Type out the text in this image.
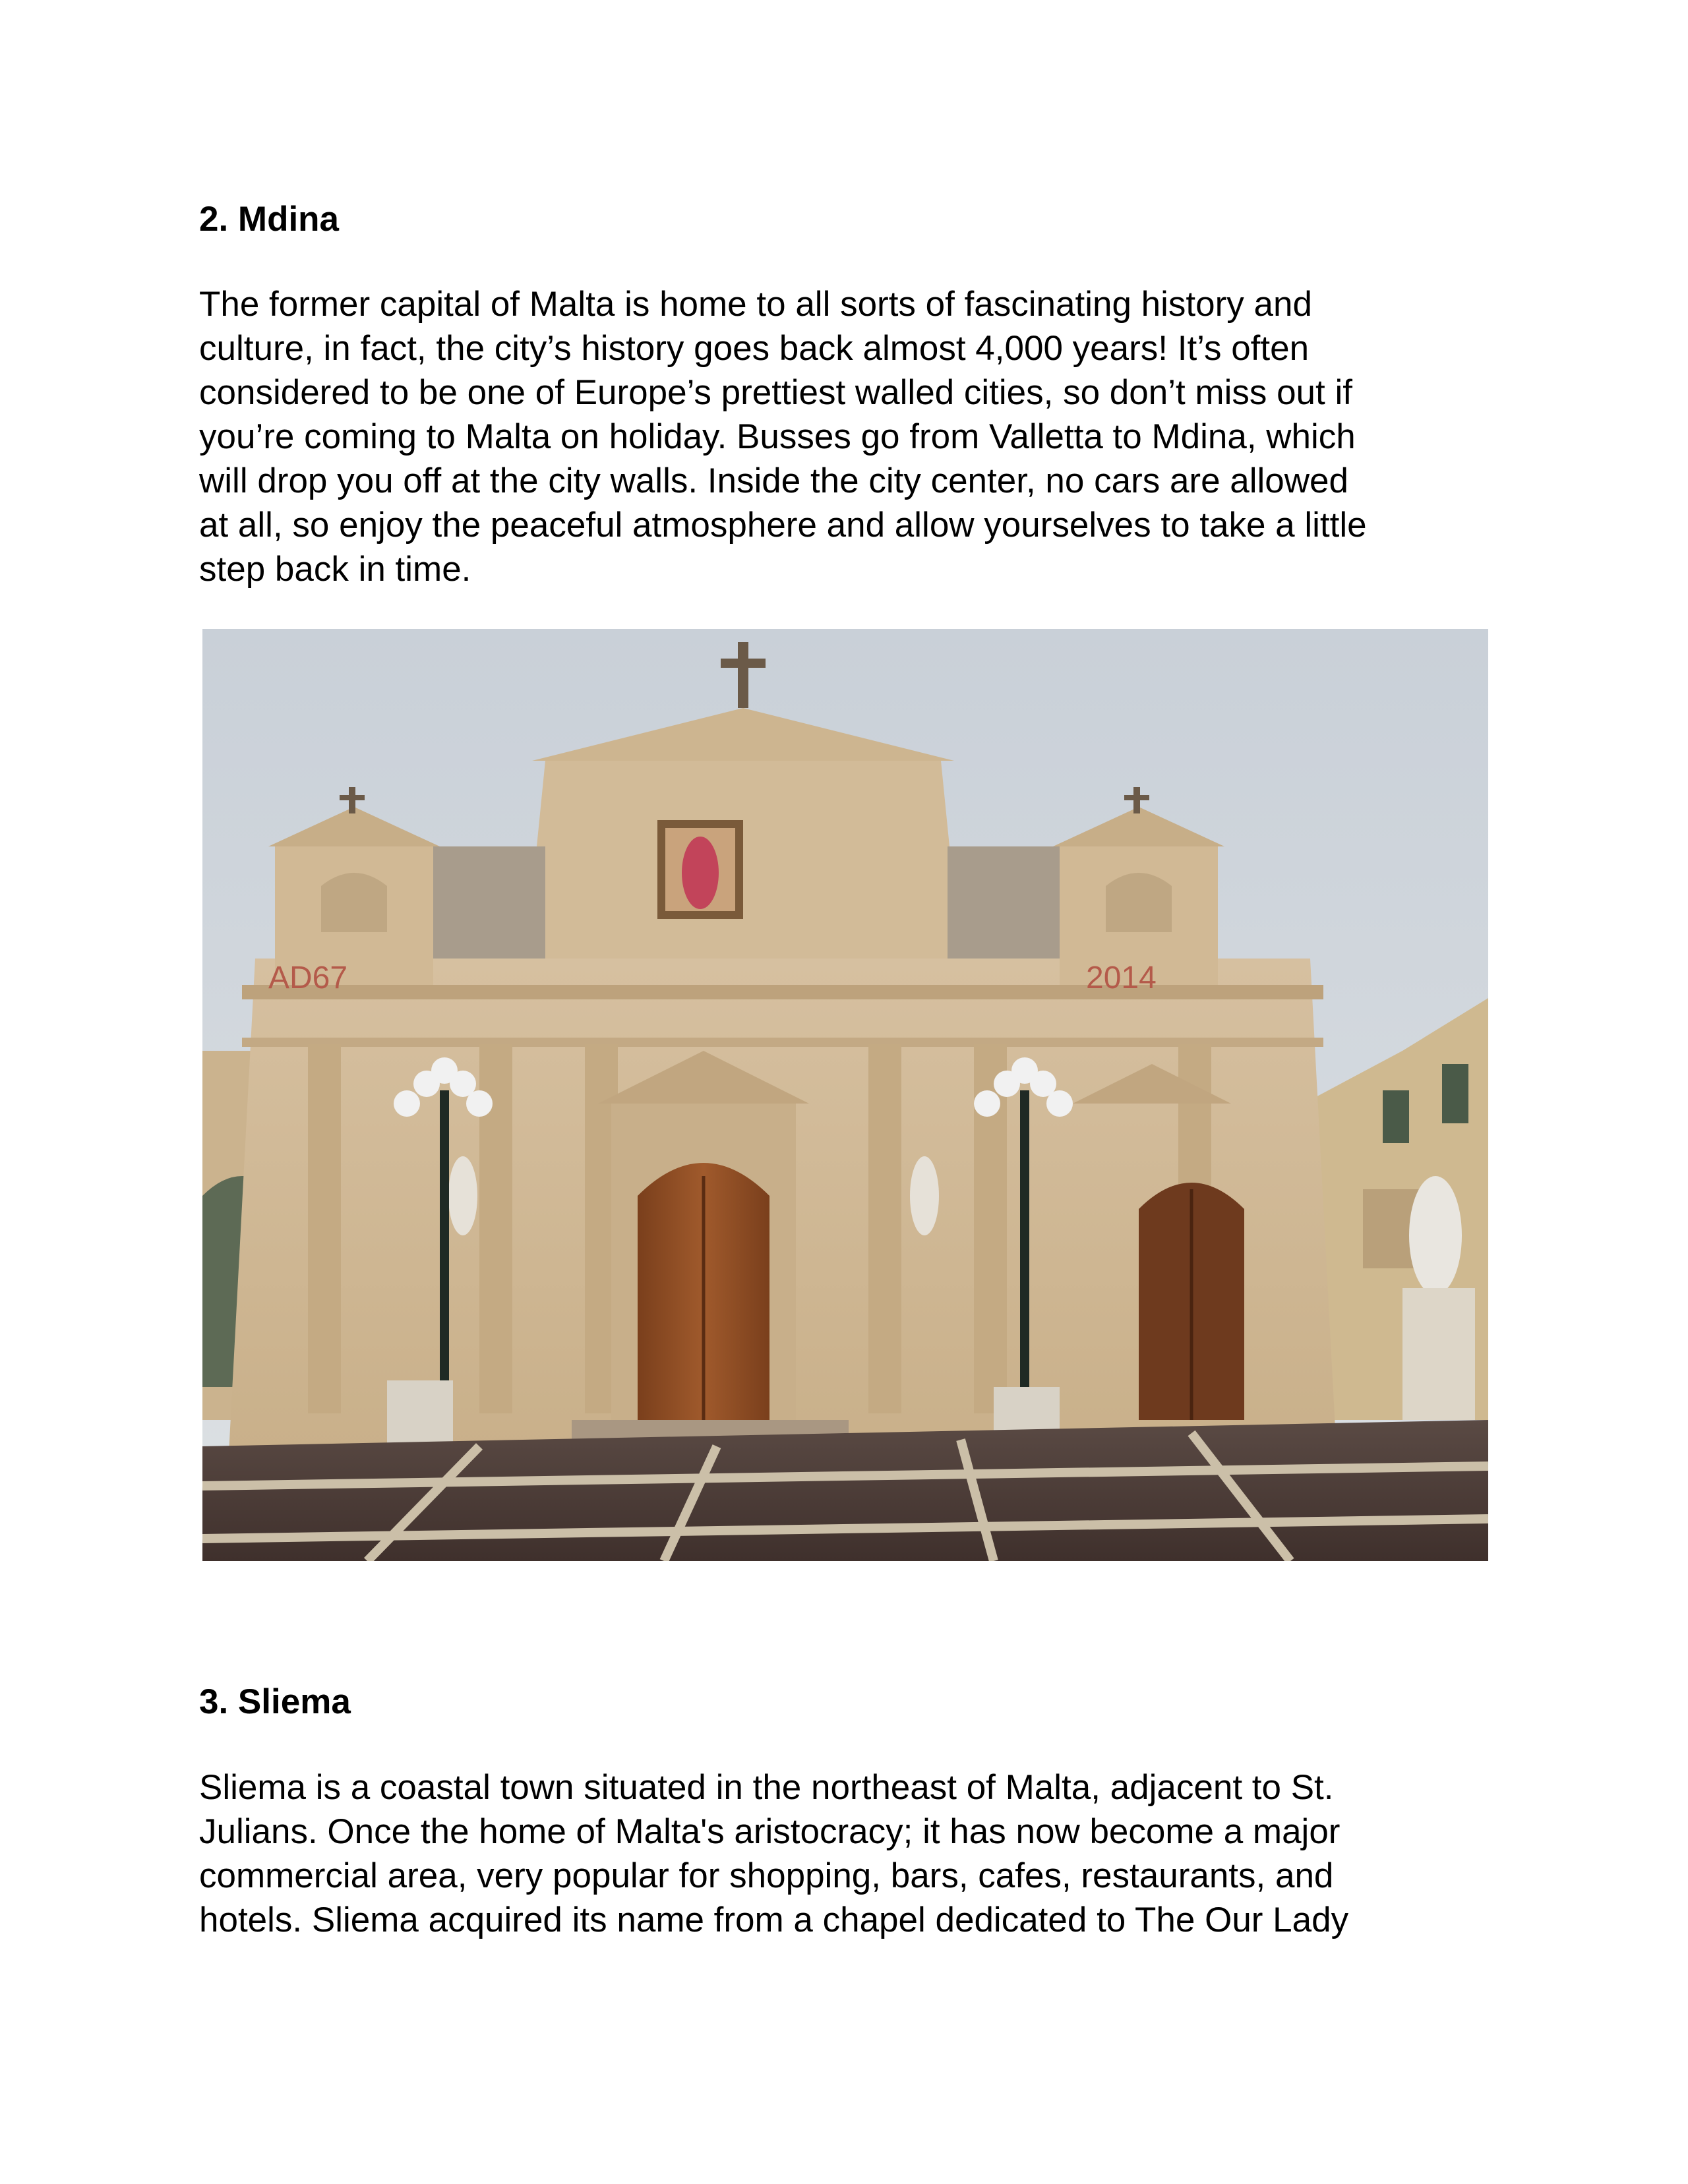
2. Mdina

The former capital of Malta is home to all sorts of fascinating history and
culture, in fact, the city’s history goes back almost 4,000 years! It’s often
considered to be one of Europe’s prettiest walled cities, so don’t miss out if
you’re coming to Malta on holiday. Busses go from Valletta to Mdina, which
will drop you off at the city walls. Inside the city center, no cars are allowed
at all, so enjoy the peaceful atmosphere and allow yourselves to take a little
step back in time.

AD67	2014
3. Sliema

Sliema is a coastal town situated in the northeast of Malta, adjacent to St.
Julians. Once the home of Malta's aristocracy; it has now become a major
commercial area, very popular for shopping, bars, cafes, restaurants, and
hotels. Sliema acquired its name from a chapel dedicated to The Our Lady
